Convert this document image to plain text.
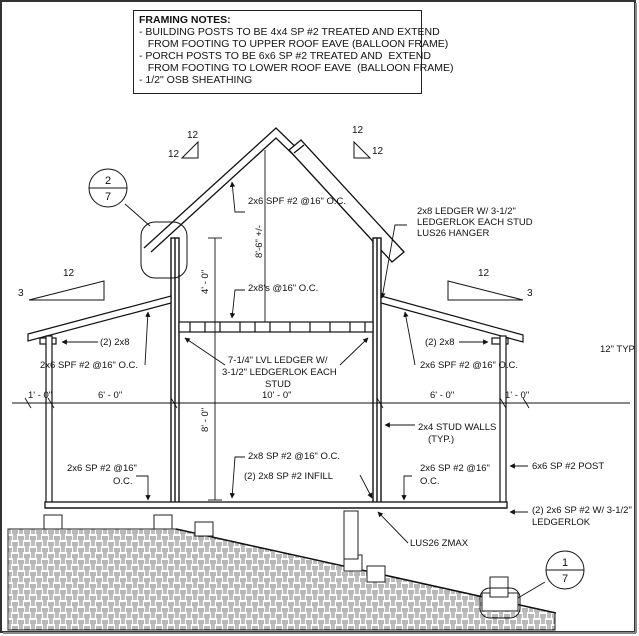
12
12
12
12
12
3
12
3
2
7
1
7
1' - 0"	6' - 0"	10' - 0"	6' - 0"	1' - 0"
4' - 0"
8' - 0"
8'-6" +/-
2x6 SPF #2 @16" O.C.
2x8's @16" O.C.
2x8 LEDGER W/ 3-1/2"
LEDGERLOK EACH STUD
LUS26 HANGER
(2) 2x8	(2) 2x8
2x6 SPF #2 @16" O.C.	2x6 SPF #2 @16" O.C.
7-1/4" LVL LEDGER W/
3-1/2" LEDGERLOK EACH
STUD
12" TYP
2x4 STUD WALLS
(TYP.)
2x8 SP #2 @16" O.C.
(2) 2x8 SP #2 INFILL
2x6 SP #2 @16"
O.C.
2x6 SP #2 @16"
O.C.
6x6 SP #2 POST
(2) 2x6 SP #2 W/ 3-1/2"
LEDGERLOK
LUS26 ZMAX
FRAMING NOTES:
- BUILDING POSTS TO BE 4x4 SP #2 TREATED AND EXTEND
FROM FOOTING TO UPPER ROOF EAVE (BALLOON FRAME)
- PORCH POSTS TO BE 6x6 SP #2 TREATED AND  EXTEND
FROM FOOTING TO LOWER ROOF EAVE  (BALLOON FRAME)
- 1/2" OSB SHEATHING
